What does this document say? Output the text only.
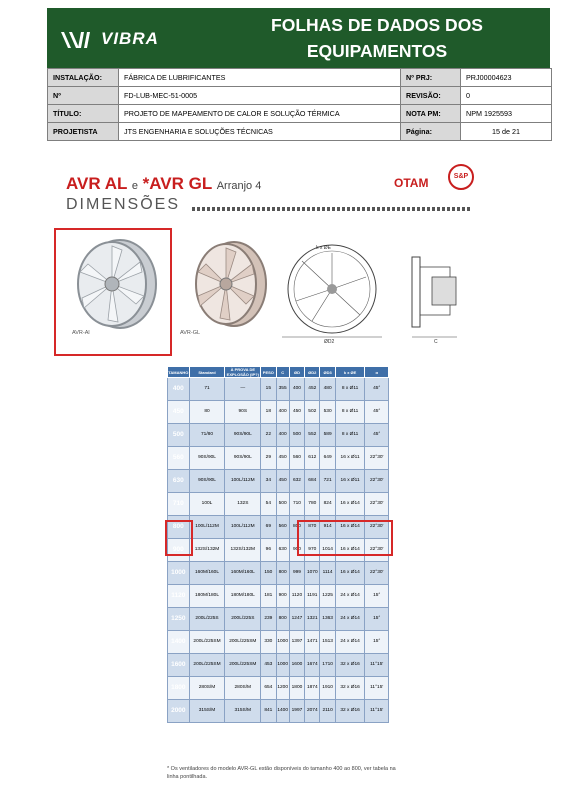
VIBRA
FOLHAS DE DADOS DOS
EQUIPAMENTOS
INSTALAÇÃO:	FÁBRICA DE LUBRIFICANTES	Nº PRJ:	PRJ00004623
Nº	FD-LUB-MEC-51-0005	REVISÃO:	0
TÍTULO:	PROJETO DE MAPEAMENTO DE CALOR E SOLUÇÃO TÉRMICA	NOTA PM:	NPM 1925593
PROJETISTA	JTS ENGENHARIA E SOLUÇÕES TÉCNICAS	Página:	15 de 21
AVR AL e *AVR GL Arranjo 4
DIMENSÕES
OTAM	S&P
AVR-Al	AVR-GL
k x ØE
ØD2	C
TAMANHO	Standard	À PROVA DE EXPLOSÃO (IP?)	PESO	C	ØD	ØD2	ØD3	k x ØE	α
400	71	—	15	355	400	452	480	8 x Ø11	45°
450	80	90S	18	400	450	502	530	8 x Ø11	45°
500	71/80	90S/90L	22	400	500	552	589	8 x Ø11	45°
560	90S/90L	90S/90L	29	450	560	612	649	16 x Ø11	22°30'
630	90S/90L	100L/112M	34	450	632	684	721	16 x Ø11	22°30'
710	100L	132S	54	500	710	780	824	16 x Ø14	22°30'
800	100L/112M	100L/112M	69	560	800	870	914	16 x Ø14	22°30'
900	132S/132M	132S/132M	96	630	900	970	1014	16 x Ø14	22°30'
1000	160M/160L	160M/160L	150	800	999	1070	1114	16 x Ø14	22°30'
1120	180M/180L	180M/180L	181	900	1120	1191	1225	24 x Ø14	15°
1250	200L/225S	200L/225S	239	800	1247	1321	1363	24 x Ø14	15°
1400	200L/225SM	200L/225SM	330	1000	1397	1471	1513	24 x Ø14	15°
1600	200L/225SM	200L/225SM	453	1000	1600	1674	1710	32 x Ø16	11°15'
1800	280S/M	280S/M	654	1200	1800	1874	1910	32 x Ø16	11°15'
2000	315S/M	315S/M	841	1400	1997	2074	2110	32 x Ø16	11°15'
* Os ventiladores do modelo AVR-GL estão disponíveis do tamanho 400 ao 800, ver tabela na linha pontilhada.
